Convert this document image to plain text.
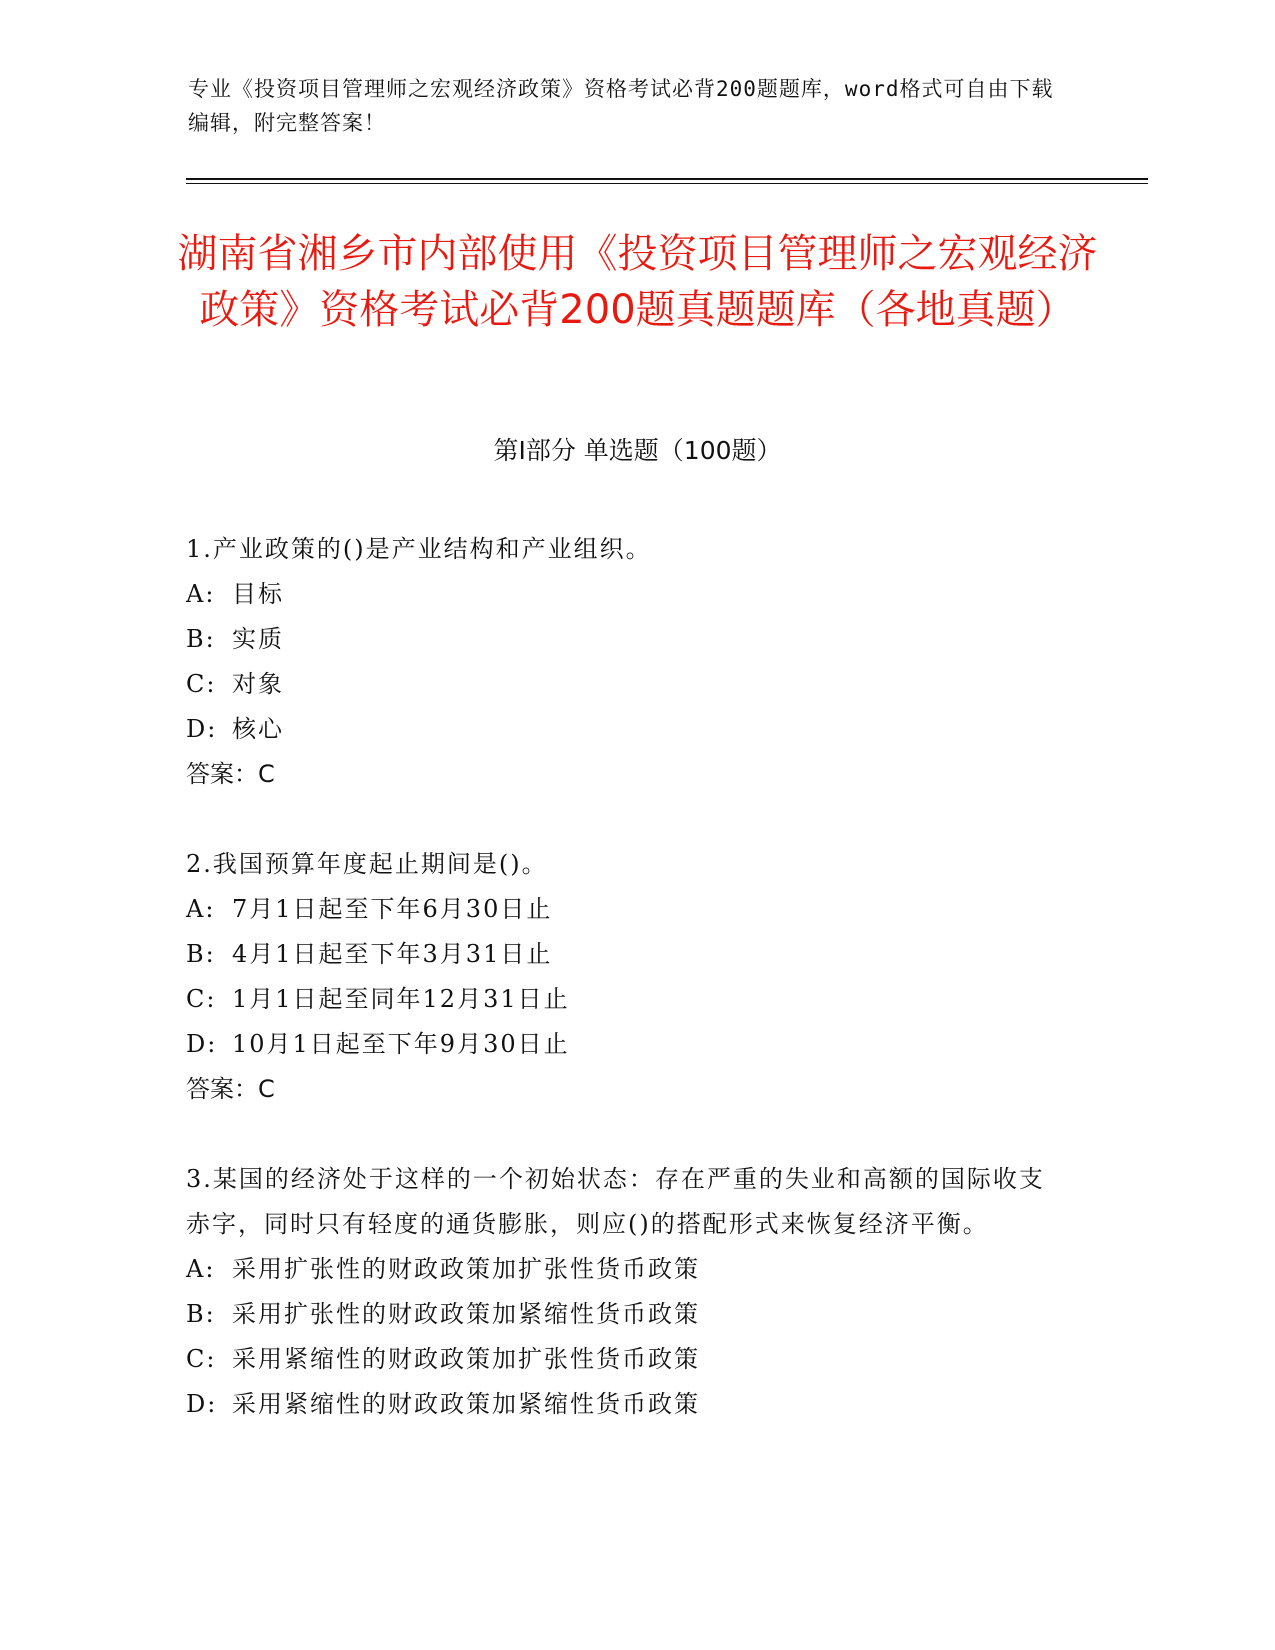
专业《投资项目管理师之宏观经济政策》资格考试必背200题题库，word格式可自由下载编辑，附完整答案！
湖南省湘乡市内部使用《投资项目管理师之宏观经济政策》资格考试必背200题真题题库（各地真题）
第Ⅰ部分 单选题（100题）
1.产业政策的()是产业结构和产业组织。
A: 目标
B: 实质
C: 对象
D: 核心
答案：C
2.我国预算年度起止期间是()。
A: 7月1日起至下年6月30日止
B: 4月1日起至下年3月31日止
C: 1月1日起至同年12月31日止
D: 10月1日起至下年9月30日止
答案：C
3.某国的经济处于这样的一个初始状态：存在严重的失业和高额的国际收支赤字，同时只有轻度的通货膨胀，则应()的搭配形式来恢复经济平衡。
A: 采用扩张性的财政政策加扩张性货币政策
B: 采用扩张性的财政政策加紧缩性货币政策
C: 采用紧缩性的财政政策加扩张性货币政策
D: 采用紧缩性的财政政策加紧缩性货币政策
